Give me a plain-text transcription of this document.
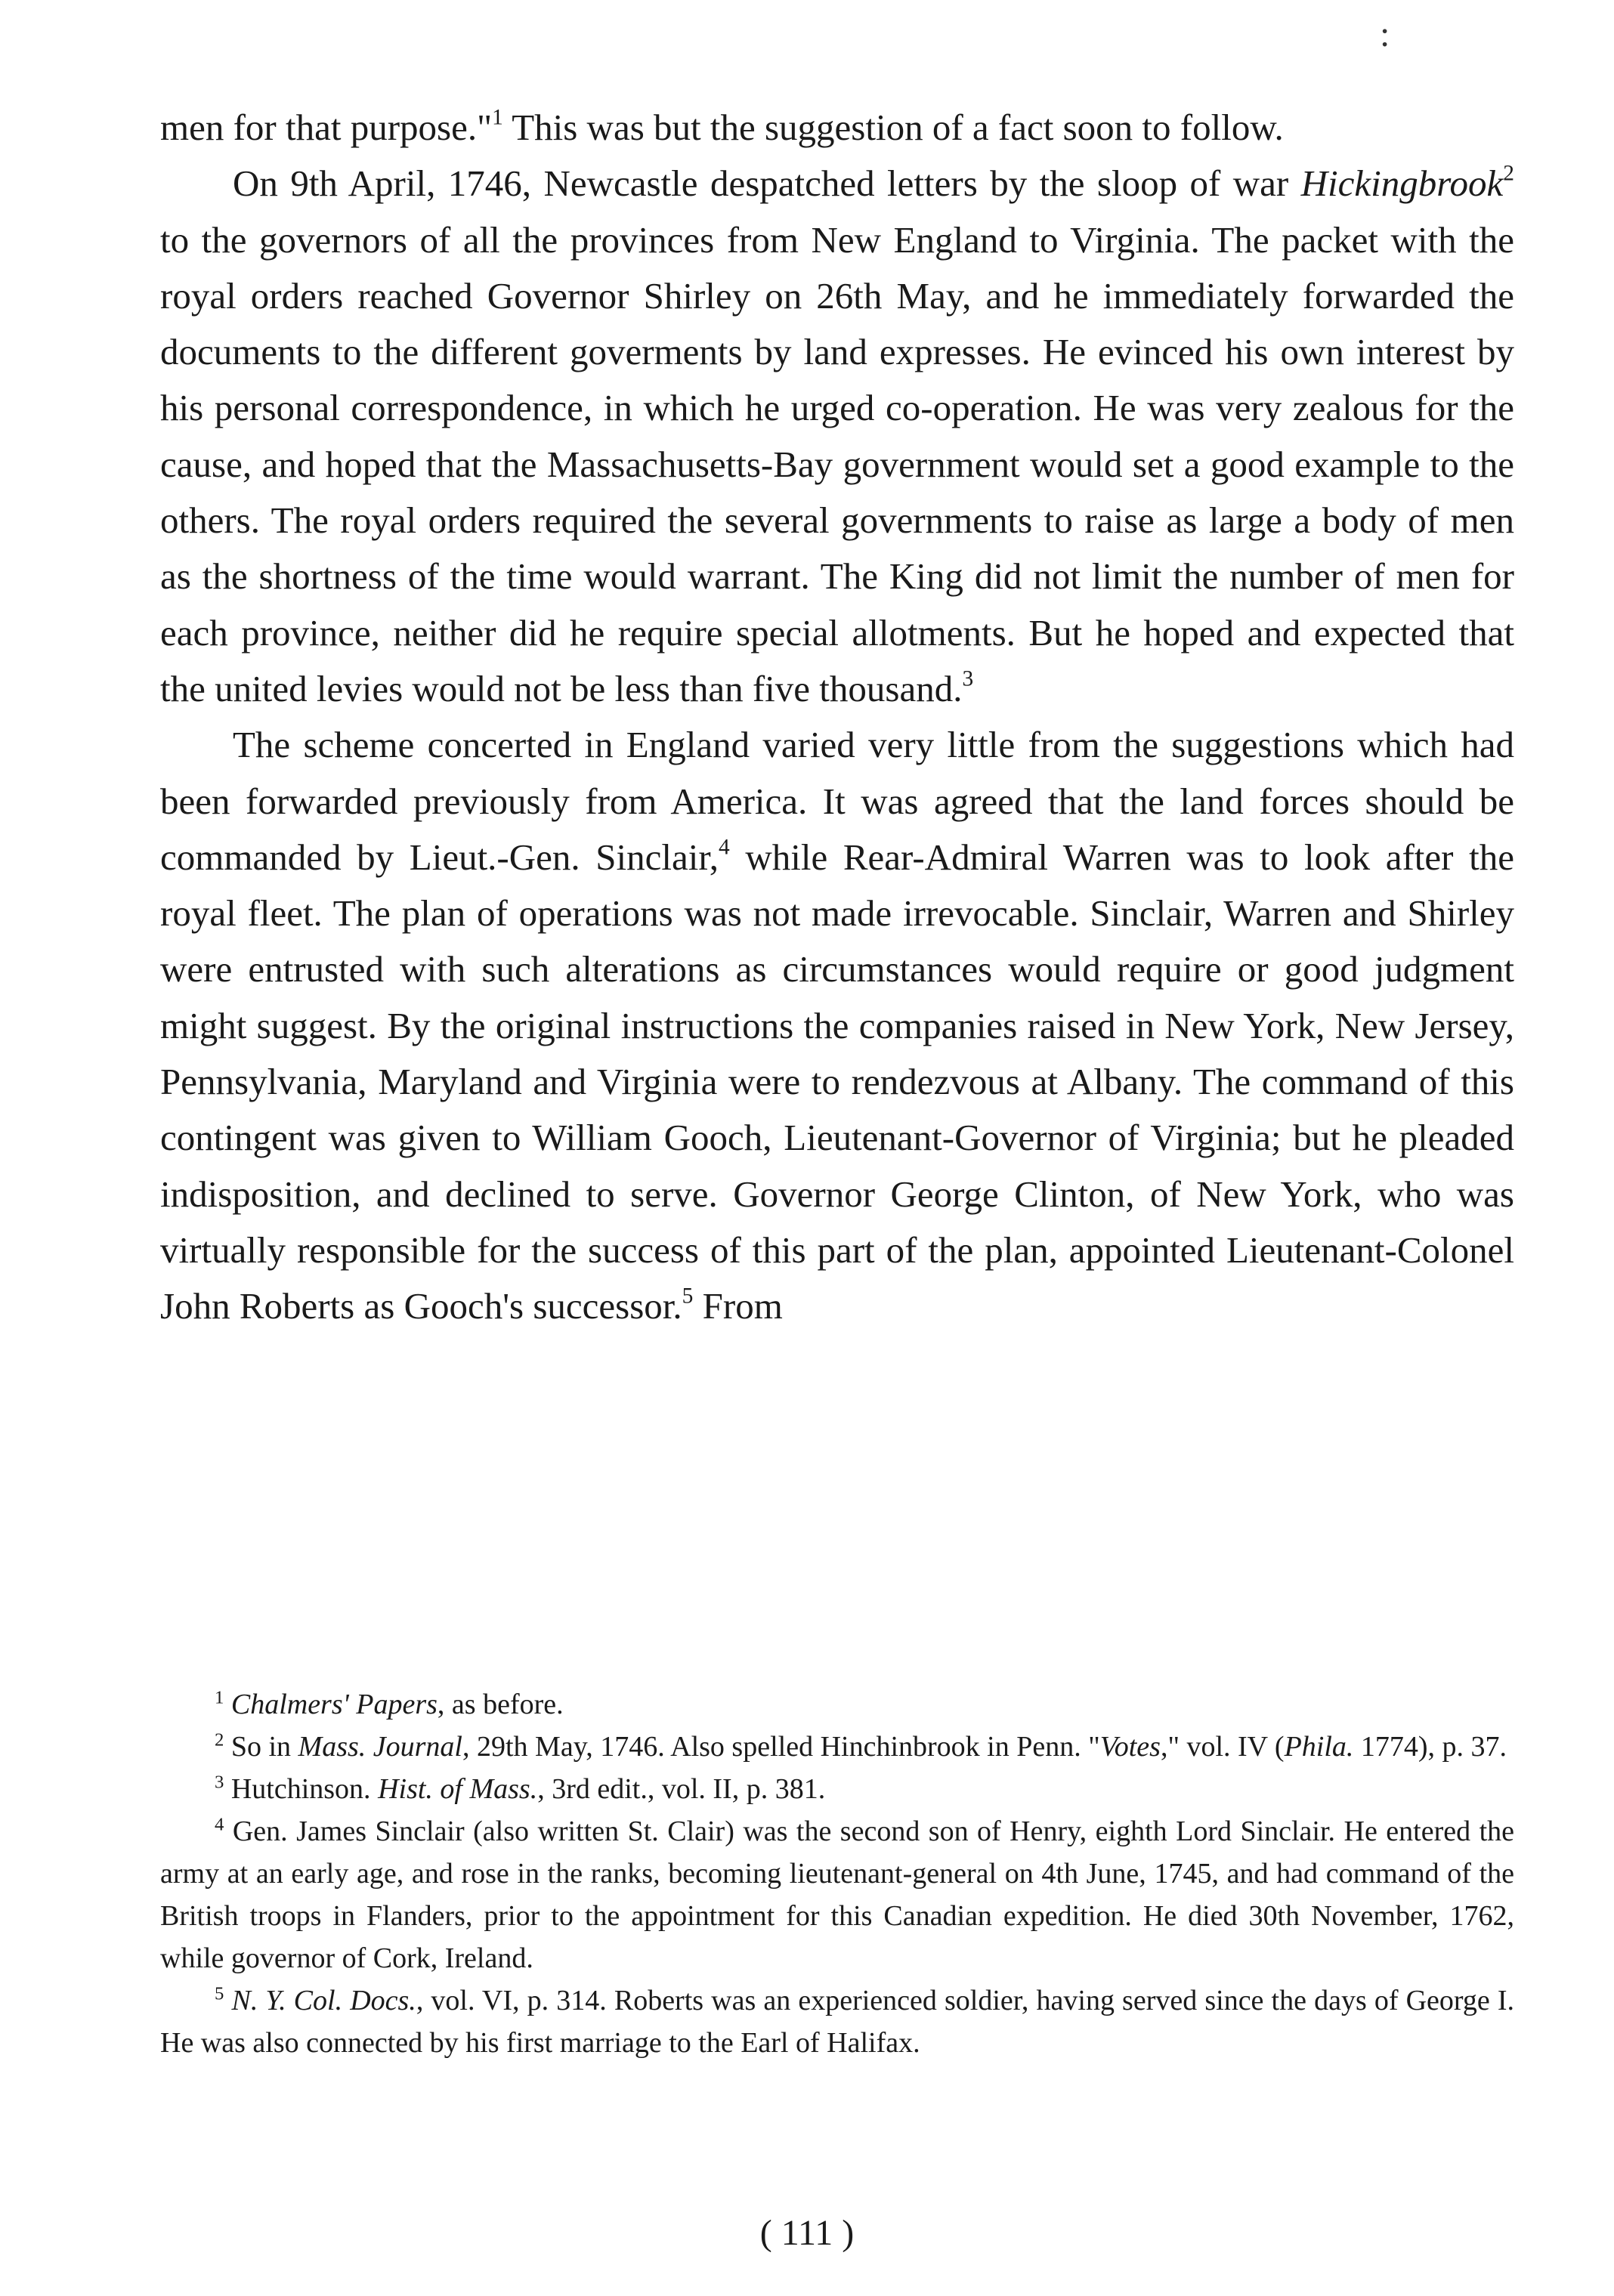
:

men for that purpose."$^1$ This was but the suggestion of a fact soon to follow.

On 9th April, 1746, Newcastle despatched letters by the sloop of war Hickingbrook$^2$ to the governors of all the provinces from New England to Virginia. The packet with the royal orders reached Governor Shirley on 26th May, and he immediately forwarded the documents to the different goverments by land expresses. He evinced his own interest by his personal correspondence, in which he urged co-operation. He was very zealous for the cause, and hoped that the Massachusetts-Bay government would set a good example to the others. The royal orders required the several governments to raise as large a body of men as the shortness of the time would warrant. The King did not limit the number of men for each province, neither did he require special allotments. But he hoped and expected that the united levies would not be less than five thousand.$^3$

The scheme concerted in England varied very little from the suggestions which had been forwarded previously from America. It was agreed that the land forces should be commanded by Lieut.-Gen. Sinclair,$^4$ while Rear-Admiral Warren was to look after the royal fleet. The plan of operations was not made irrevocable. Sinclair, Warren and Shirley were entrusted with such alterations as circumstances would require or good judgment might suggest. By the original instructions the companies raised in New York, New Jersey, Pennsylvania, Maryland and Virginia were to rendezvous at Albany. The command of this contingent was given to William Gooch, Lieutenant-Governor of Virginia; but he pleaded indisposition, and declined to serve. Governor George Clinton, of New York, who was virtually responsible for the success of this part of the plan, appointed Lieutenant-Colonel John Roberts as Gooch's successor.$^5$ From

$^1$ Chalmers' Papers, as before.

$^2$ So in Mass. Journal, 29th May, 1746. Also spelled Hinchinbrook in Penn. "Votes," vol. IV (Phila. 1774), p. 37.

$^3$ Hutchinson. Hist. of Mass., 3rd edit., vol. II, p. 381.

$^4$ Gen. James Sinclair (also written St. Clair) was the second son of Henry, eighth Lord Sinclair. He entered the army at an early age, and rose in the ranks, becoming lieutenant-general on 4th June, 1745, and had command of the British troops in Flanders, prior to the appointment for this Canadian expedition. He died 30th November, 1762, while governor of Cork, Ireland.

$^5$ N. Y. Col. Docs., vol. VI, p. 314. Roberts was an experienced soldier, having served since the days of George I. He was also connected by his first marriage to the Earl of Halifax.

( 111 )
